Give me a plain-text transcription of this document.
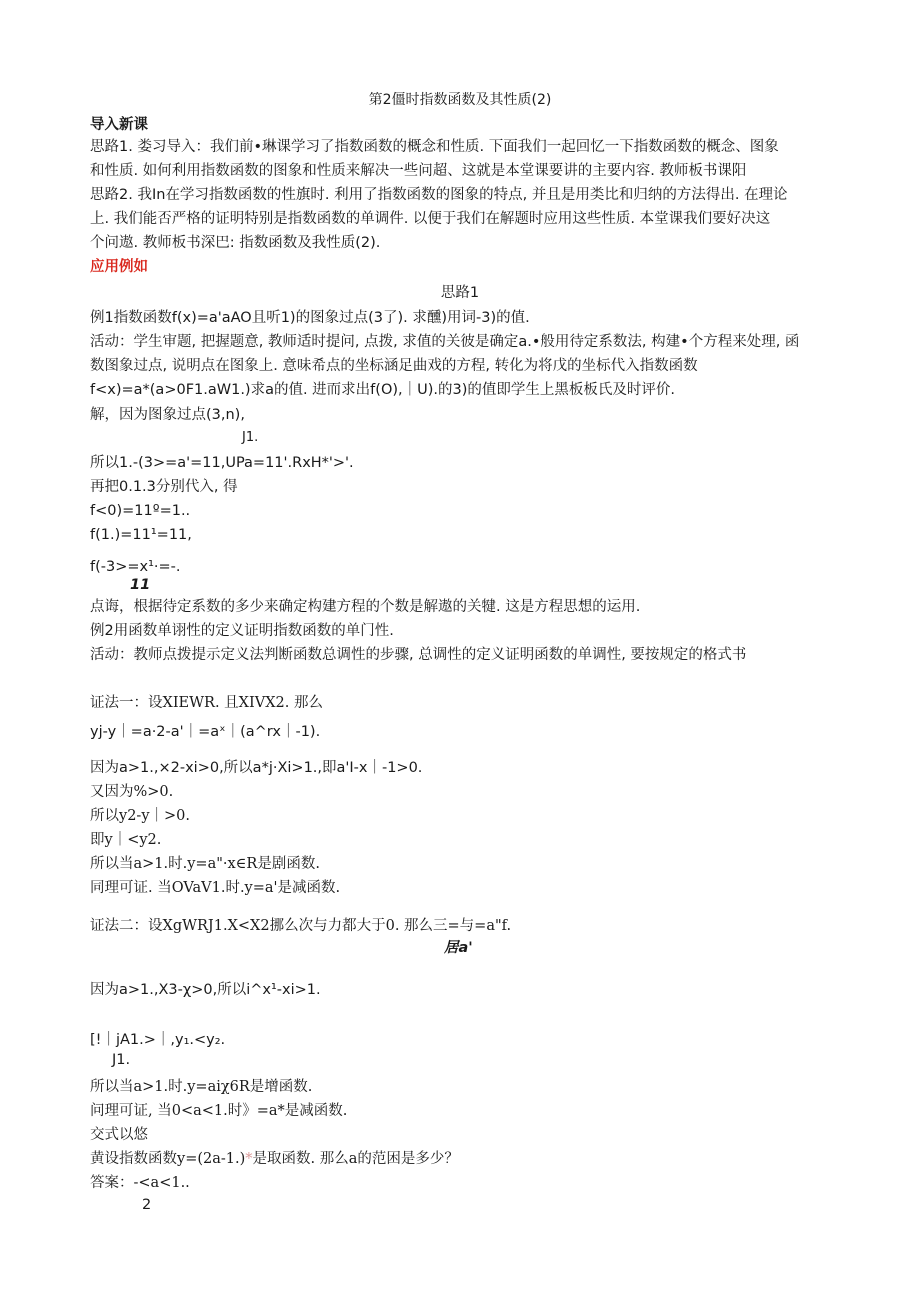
第2僵时指数函数及其性质(2)
导入新课
思路1. 娄习导入：我们前•琳课学习了指数函数的概念和性质. 下面我们一起回忆一下指数函数的概念、图象
和性质. 如何利用指数函数的图象和性质来解决一些问超、这就是本堂课要讲的主要内容. 教师板书课阳
思路2. 我In在学习指数函数的性旗时. 利用了指数函数的图象的特点, 并且是用类比和归纳的方法得出. 在理论
上. 我们能否严格的证明特别是指数函数的单调件. 以便于我们在解题时应用这些性质. 本堂课我们要好决这
个问遨. 教师板书深巴: 指数函数及我性质(2).
应用例如
思路1
例1指数函数f(x)=a'aAO且听1)的图象过点(3了). 求醺)用词-3)的值.
活动：学生审题, 把握题意, 教师适时提问, 点拨, 求值的关彼是确定a.•般用待定系数法, 构建•个方程来处理, 函
数图象过点, 说明点在图象上. 意味希点的坐标涵足曲戏的方程, 转化为将戊的坐标代入指数函数
f<x)=a*(a>0F1.aW1.)求a的值. 进而求出f(O),｜U).的3)的值即学生上黑板板氏及时评价.
解，因为图象过点(3,n),
J1.
所以1.-(3>=a'=11,UPa=11'.RxH*'>'.
再把0.1.3分别代入, 得
f<0)=11º=1..
f(1.)=11¹=11,
f(-3>=x¹·=-.
11
点诲，根据待定系数的多少来确定构建方程的个数是解遨的关犍. 这是方程思想的运用.
例2用函数单诩性的定义证明指数函数的单门性.
活动：教师点拨提示定义法判断函数总调性的步骤, 总调性的定义证明函数的单调性, 要按规定的格式书
证法一：设XIEWR. 且XIVX2. 那么
yj-y｜=a·2-a'｜=aˣ｜(a^rx｜-1).
因为a>1.,×2-xi>0,所以a*j·Xi>1.,即a'I-x｜-1>0.
又因为%>0.
所以y2-y｜>0.
即y｜<y2.
所以当a>1.时.y=a"·x∈R是剧函数.
同理可证. 当OVaV1.时.y=a'是减函数.
证法二：设XgWRJ1.X<X2挪么次与力都大于0. 那么三=与=a"f.
居a'
因为a>1.,X3-χ>0,所以i^x¹-xi>1.
[!｜jA1.>｜,y₁.<y₂.
J1.
所以当a>1.时.y=aiχ6R是增函数.
问理可证, 当0<a<1.时》=a*是减函数.
交式以悠
黄设指数函数y=(2a-1.)*是取函数. 那么a的范困是多少？
答案：-<a<1..
2
